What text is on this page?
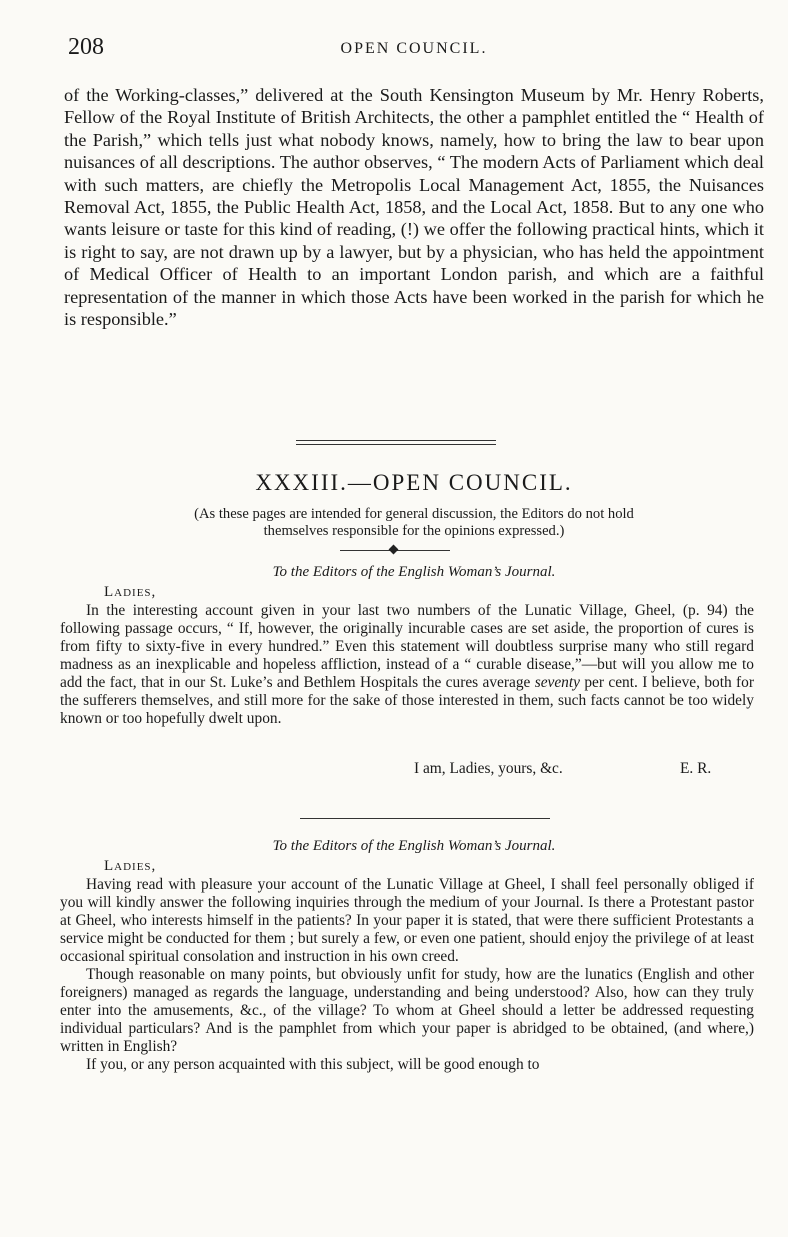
208	OPEN COUNCIL.

of the Working-classes,” delivered at the South Kensington Museum by Mr. Henry Roberts, Fellow of the Royal Institute of British Architects, the other a pamphlet entitled the “ Health of the Parish,” which tells just what nobody knows, namely, how to bring the law to bear upon nuisances of all descriptions. The author observes, “ The modern Acts of Parliament which deal with such matters, are chiefly the Metropolis Local Management Act, 1855, the Nuisances Removal Act, 1855, the Public Health Act, 1858, and the Local Act, 1858. But to any one who wants leisure or taste for this kind of reading, (!) we offer the following practical hints, which it is right to say, are not drawn up by a lawyer, but by a physician, who has held the appointment of Medical Officer of Health to an important London parish, and which are a faithful representation of the manner in which those Acts have been worked in the parish for which he is responsible.”

XXXIII.—OPEN COUNCIL.
(As these pages are intended for general discussion, the Editors do not hold
themselves responsible for the opinions expressed.)
To the Editors of the English Woman’s Journal.
Ladies,

In the interesting account given in your last two numbers of the Lunatic Village, Gheel, (p. 94) the following passage occurs, “ If, however, the originally incurable cases are set aside, the proportion of cures is from fifty to sixty-five in every hundred.” Even this statement will doubtless surprise many who still regard madness as an inexplicable and hopeless affliction, instead of a “ curable disease,”—but will you allow me to add the fact, that in our St. Luke’s and Bethlem Hospitals the cures average seventy per cent. I believe, both for the sufferers themselves, and still more for the sake of those interested in them, such facts cannot be too widely known or too hopefully dwelt upon.

I am, Ladies, yours, &c.	E. R.
To the Editors of the English Woman’s Journal.
Ladies,

Having read with pleasure your account of the Lunatic Village at Gheel, I shall feel personally obliged if you will kindly answer the following inquiries through the medium of your Journal. Is there a Protestant pastor at Gheel, who interests himself in the patients? In your paper it is stated, that were there sufficient Protestants a service might be conducted for them ; but surely a few, or even one patient, should enjoy the privilege of at least occasional spiritual consolation and instruction in his own creed.

Though reasonable on many points, but obviously unfit for study, how are the lunatics (English and other foreigners) managed as regards the language, understanding and being understood? Also, how can they truly enter into the amusements, &c., of the village? To whom at Gheel should a letter be addressed requesting individual particulars? And is the pamphlet from which your paper is abridged to be obtained, (and where,) written in English?

If you, or any person acquainted with this subject, will be good enough to
